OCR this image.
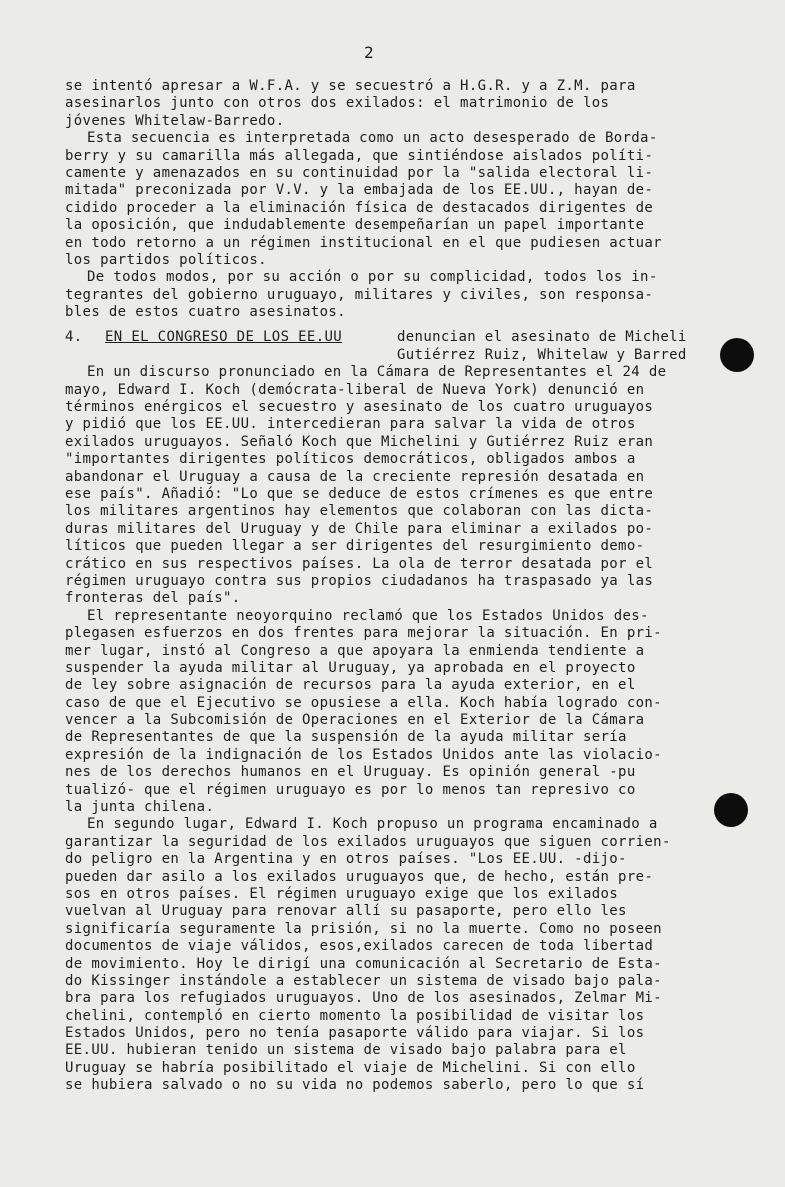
2
se intentó apresar a W.F.A. y se secuestró a H.G.R. y a Z.M. para
asesinarlos junto con otros dos exilados: el matrimonio de los
jóvenes Whitelaw-Barredo.
Esta secuencia es interpretada como un acto desesperado de Borda-
berry y su camarilla más allegada, que sintiéndose aislados políti-
camente y amenazados en su continuidad por la "salida electoral li-
mitada" preconizada por V.V. y la embajada de los EE.UU., hayan de-
cidido proceder a la eliminación física de destacados dirigentes de
la oposición, que indudablemente desempeñarían un papel importante
en todo retorno a un régimen institucional en el que pudiesen actuar
los partidos políticos.
De todos modos, por su acción o por su complicidad, todos los in-
tegrantes del gobierno uruguayo, militares y civiles, son responsa-
bles de estos cuatro asesinatos.
4. EN EL CONGRESO DE LOS EE.UU	denuncian el asesinato de Micheli
Gutiérrez Ruiz, Whitelaw y Barred
En un discurso pronunciado en la Cámara de Representantes el 24 de
mayo, Edward I. Koch (demócrata-liberal de Nueva York) denunció en
términos enérgicos el secuestro y asesinato de los cuatro uruguayos
y pidió que los EE.UU. intercedieran para salvar la vida de otros
exilados uruguayos. Señaló Koch que Michelini y Gutiérrez Ruiz eran
"importantes dirigentes políticos democráticos, obligados ambos a
abandonar el Uruguay a causa de la creciente represión desatada en
ese país". Añadió: "Lo que se deduce de estos crímenes es que entre
los militares argentinos hay elementos que colaboran con las dicta-
duras militares del Uruguay y de Chile para eliminar a exilados po-
líticos que pueden llegar a ser dirigentes del resurgimiento demo-
crático en sus respectivos países. La ola de terror desatada por el
régimen uruguayo contra sus propios ciudadanos ha traspasado ya las
fronteras del país".
El representante neoyorquino reclamó que los Estados Unidos des-
plegasen esfuerzos en dos frentes para mejorar la situación. En pri-
mer lugar, instó al Congreso a que apoyara la enmienda tendiente a
suspender la ayuda militar al Uruguay, ya aprobada en el proyecto
de ley sobre asignación de recursos para la ayuda exterior, en el
caso de que el Ejecutivo se opusiese a ella. Koch había logrado con-
vencer a la Subcomisión de Operaciones en el Exterior de la Cámara
de Representantes de que la suspensión de la ayuda militar sería
expresión de la indignación de los Estados Unidos ante las violacio-
nes de los derechos humanos en el Uruguay. Es opinión general -pu
tualizó- que el régimen uruguayo es por lo menos tan represivo co
la junta chilena.
En segundo lugar, Edward I. Koch propuso un programa encaminado a
garantizar la seguridad de los exilados uruguayos que siguen corrien-
do peligro en la Argentina y en otros países. "Los EE.UU. -dijo-
pueden dar asilo a los exilados uruguayos que, de hecho, están pre-
sos en otros países. El régimen uruguayo exige que los exilados
vuelvan al Uruguay para renovar allí su pasaporte, pero ello les
significaría seguramente la prisión, si no la muerte. Como no poseen
documentos de viaje válidos, esos,exilados carecen de toda libertad
de movimiento. Hoy le dirigí una comunicación al Secretario de Esta-
do Kissinger instándole a establecer un sistema de visado bajo pala-
bra para los refugiados uruguayos. Uno de los asesinados, Zelmar Mi-
chelini, contempló en cierto momento la posibilidad de visitar los
Estados Unidos, pero no tenía pasaporte válido para viajar. Si los
EE.UU. hubieran tenido un sistema de visado bajo palabra para el
Uruguay se habría posibilitado el viaje de Michelini. Si con ello
se hubiera salvado o no su vida no podemos saberlo, pero lo que sí
